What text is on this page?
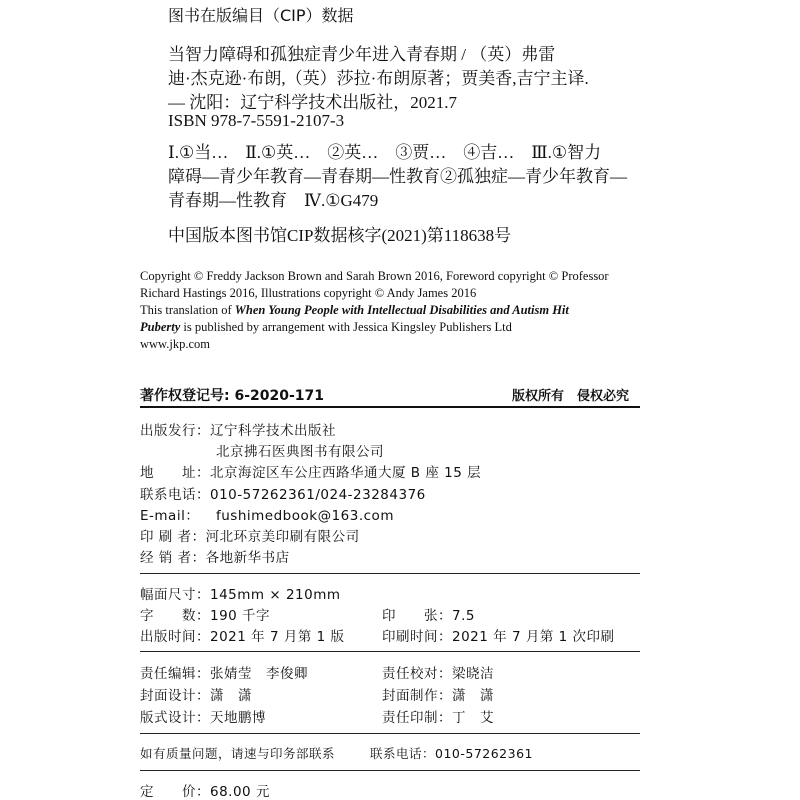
图书在版编目（CIP）数据
当智力障碍和孤独症青少年进入青春期 / （英）弗雷
迪·杰克逊·布朗,（英）莎拉·布朗原著；贾美香,吉宁主译.
— 沈阳：辽宁科学技术出版社，2021.7
ISBN 978-7-5591-2107-3
Ⅰ.①当…　Ⅱ.①英…　②英…　③贾…　④吉…　Ⅲ.①智力
障碍—青少年教育—青春期—性教育②孤独症—青少年教育—
青春期—性教育　Ⅳ.①G479
中国版本图书馆CIP数据核字(2021)第118638号
Copyright © Freddy Jackson Brown and Sarah Brown 2016, Foreword copyright © Professor
Richard Hastings 2016, Illustrations copyright © Andy James 2016
This translation of When Young People with Intellectual Disabilities and Autism Hit
Puberty is published by arrangement with Jessica Kingsley Publishers Ltd
www.jkp.com
著作权登记号: 6-2020-171	版权所有　侵权必究
出版发行：辽宁科学技术出版社
北京拂石医典图书有限公司
地　　址：北京海淀区车公庄西路华通大厦 B 座 15 层
联系电话：010-57262361/024-23284376
E-mail： fushimedbook@163.com
印 刷 者：河北环京美印刷有限公司
经 销 者：各地新华书店
幅面尺寸：145mm × 210mm
字　　数：190 千字	印　　张：7.5
出版时间：2021 年 7 月第 1 版	印刷时间：2021 年 7 月第 1 次印刷
责任编辑：张婧莹　李俊卿	责任校对：梁晓洁
封面设计：潇　潇	封面制作：潇　潇
版式设计：天地鹏博	责任印制：丁　艾
如有质量问题，请速与印务部联系	联系电话：010-57262361
定　　价：68.00 元
